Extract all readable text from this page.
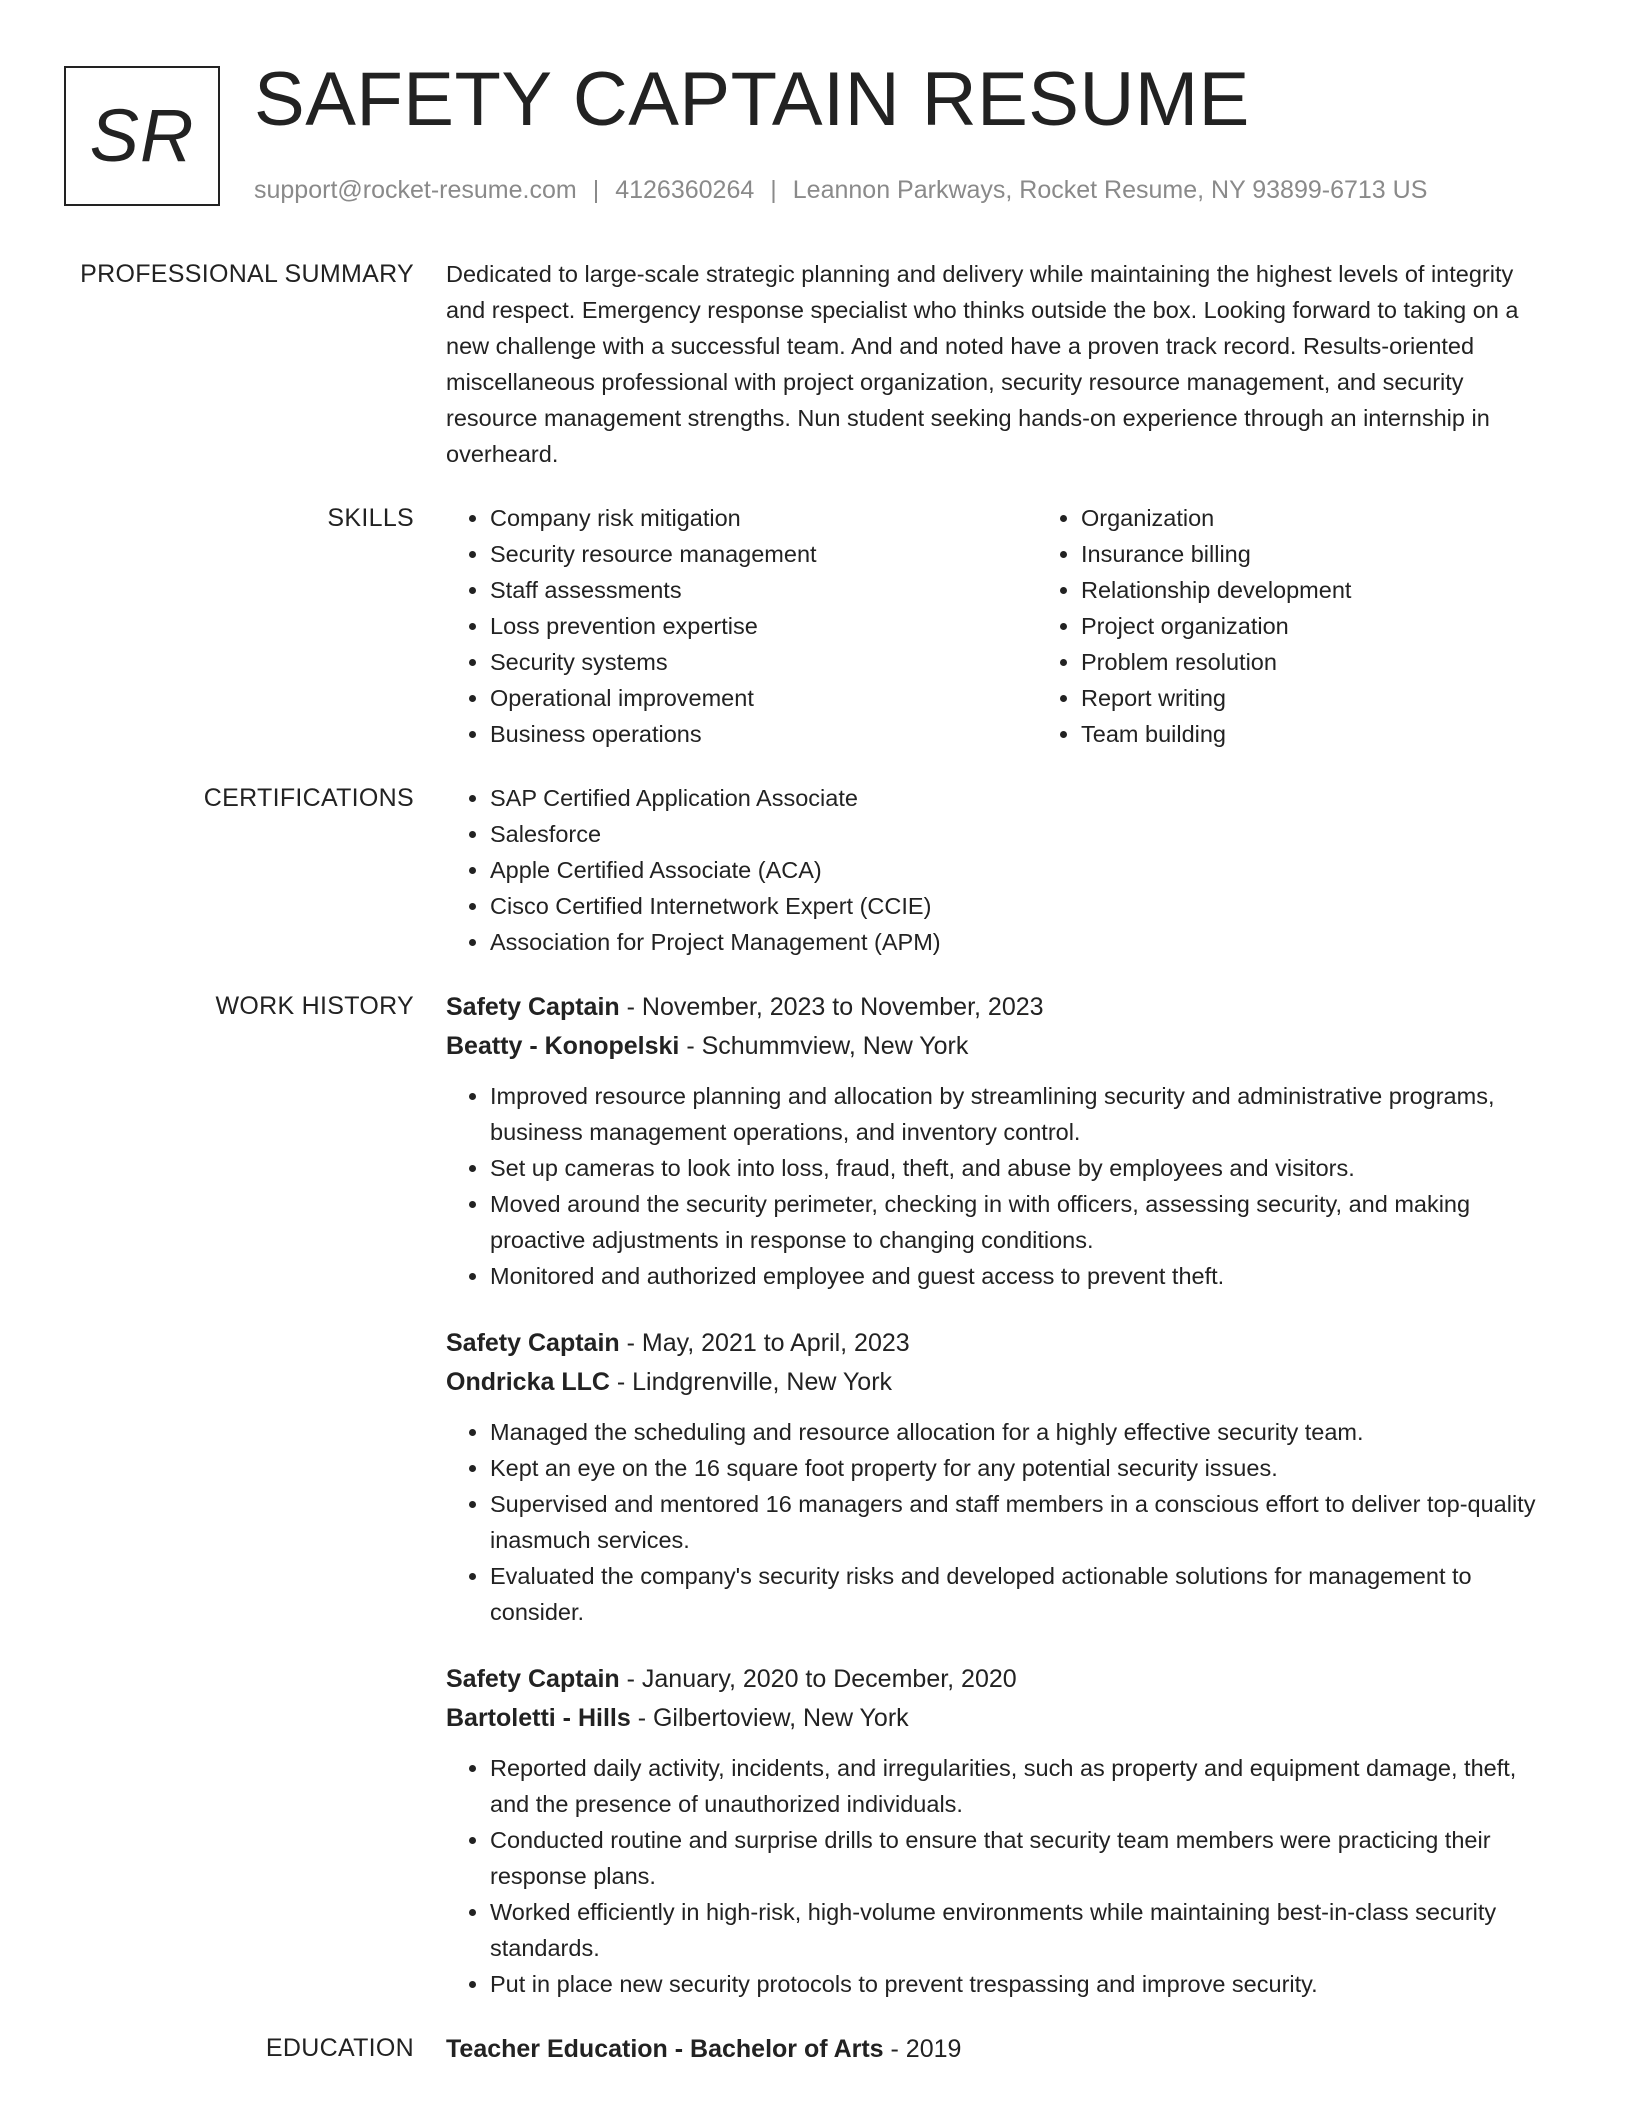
SR SAFETY CAPTAIN RESUME
support@rocket-resume.com | 4126360264 | Leannon Parkways, Rocket Resume, NY 93899-6713 US
PROFESSIONAL SUMMARY Dedicated to large-scale strategic planning and delivery while maintaining the highest levels of integrity and respect. Emergency response specialist who thinks outside the box. Looking forward to taking on a new challenge with a successful team. And and noted have a proven track record. Results-oriented miscellaneous professional with project organization, security resource management, and security resource management strengths. Nun student seeking hands-on experience through an internship in overheard.

SKILLS	• Company risk mitigation
• Security resource management
• Staff assessments
• Loss prevention expertise
• Security systems
• Operational improvement
• Business operations
• Organization
• Insurance billing
• Relationship development
• Project organization
• Problem resolution
• Report writing
• Team building
CERTIFICATIONS	• SAP Certified Application Associate
• Salesforce
• Apple Certified Associate (ACA)
• Cisco Certified Internetwork Expert (CCIE)
• Association for Project Management (APM)
WORK HISTORY Safety Captain - November, 2023 to November, 2023
Beatty - Konopelski - Schummview, New York
• Improved resource planning and allocation by streamlining security and administrative programs, business management operations, and inventory control.
• Set up cameras to look into loss, fraud, theft, and abuse by employees and visitors.
• Moved around the security perimeter, checking in with officers, assessing security, and making proactive adjustments in response to changing conditions.
• Monitored and authorized employee and guest access to prevent theft.
Safety Captain - May, 2021 to April, 2023
Ondricka LLC - Lindgrenville, New York
• Managed the scheduling and resource allocation for a highly effective security team.
• Kept an eye on the 16 square foot property for any potential security issues.
• Supervised and mentored 16 managers and staff members in a conscious effort to deliver top-quality inasmuch services.
• Evaluated the company's security risks and developed actionable solutions for management to consider.
Safety Captain - January, 2020 to December, 2020
Bartoletti - Hills - Gilbertoview, New York
• Reported daily activity, incidents, and irregularities, such as property and equipment damage, theft, and the presence of unauthorized individuals.
• Conducted routine and surprise drills to ensure that security team members were practicing their response plans.
• Worked efficiently in high-risk, high-volume environments while maintaining best-in-class security standards.
• Put in place new security protocols to prevent trespassing and improve security.
EDUCATION Teacher Education - Bachelor of Arts - 2019
